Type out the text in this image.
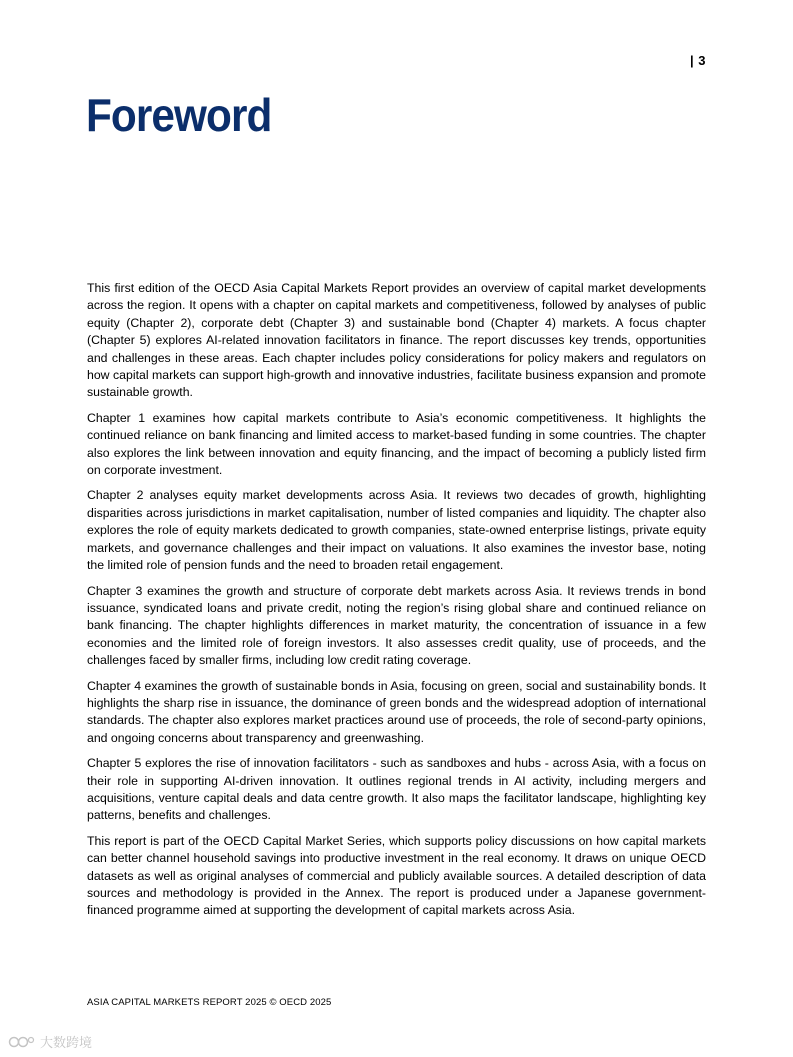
| 3
Foreword

This first edition of the OECD Asia Capital Markets Report provides an overview of capital market developments across the region. It opens with a chapter on capital markets and competitiveness, followed by analyses of public equity (Chapter 2), corporate debt (Chapter 3) and sustainable bond (Chapter 4) markets. A focus chapter (Chapter 5) explores AI-related innovation facilitators in finance. The report discusses key trends, opportunities and challenges in these areas. Each chapter includes policy considerations for policy makers and regulators on how capital markets can support high-growth and innovative industries, facilitate business expansion and promote sustainable growth.

Chapter 1 examines how capital markets contribute to Asia’s economic competitiveness. It highlights the continued reliance on bank financing and limited access to market-based funding in some countries. The chapter also explores the link between innovation and equity financing, and the impact of becoming a publicly listed firm on corporate investment.

Chapter 2 analyses equity market developments across Asia. It reviews two decades of growth, highlighting disparities across jurisdictions in market capitalisation, number of listed companies and liquidity. The chapter also explores the role of equity markets dedicated to growth companies, state-owned enterprise listings, private equity markets, and governance challenges and their impact on valuations. It also examines the investor base, noting the limited role of pension funds and the need to broaden retail engagement.

Chapter 3 examines the growth and structure of corporate debt markets across Asia. It reviews trends in bond issuance, syndicated loans and private credit, noting the region’s rising global share and continued reliance on bank financing. The chapter highlights differences in market maturity, the concentration of issuance in a few economies and the limited role of foreign investors. It also assesses credit quality, use of proceeds, and the challenges faced by smaller firms, including low credit rating coverage.

Chapter 4 examines the growth of sustainable bonds in Asia, focusing on green, social and sustainability bonds. It highlights the sharp rise in issuance, the dominance of green bonds and the widespread adoption of international standards. The chapter also explores market practices around use of proceeds, the role of second-party opinions, and ongoing concerns about transparency and greenwashing.

Chapter 5 explores the rise of innovation facilitators - such as sandboxes and hubs - across Asia, with a focus on their role in supporting AI-driven innovation. It outlines regional trends in AI activity, including mergers and acquisitions, venture capital deals and data centre growth. It also maps the facilitator landscape, highlighting key patterns, benefits and challenges.

This report is part of the OECD Capital Market Series, which supports policy discussions on how capital markets can better channel household savings into productive investment in the real economy. It draws on unique OECD datasets as well as original analyses of commercial and publicly available sources. A detailed description of data sources and methodology is provided in the Annex. The report is produced under a Japanese government-financed programme aimed at supporting the development of capital markets across Asia.

ASIA CAPITAL MARKETS REPORT 2025 © OECD 2025
大数跨境
